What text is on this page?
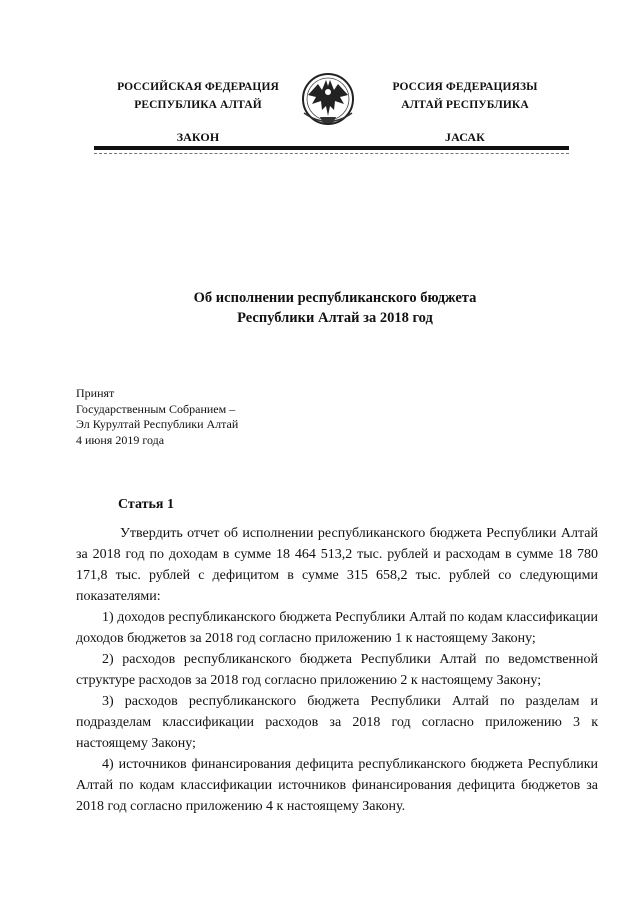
РОССИЙСКАЯ ФЕДЕРАЦИЯ
РЕСПУБЛИКА АЛТАЙ
ЗАКОН
РОССИЯ ФЕДЕРАЦИЯЗЫ
АЛТАЙ РЕСПУБЛИКА
JАСАК
Об исполнении республиканского бюджета
Республики Алтай за 2018 год
Принят
Государственным Собранием –
Эл Курултай Республики Алтай
4 июня 2019 года
Статья 1

Утвердить отчет об исполнении республиканского бюджета Республики Алтай за 2018 год по доходам в сумме 18 464 513,2 тыс. рублей и расходам в сумме 18 780 171,8 тыс. рублей с дефицитом в сумме 315 658,2 тыс. рублей со следующими показателями:

1) доходов республиканского бюджета Республики Алтай по кодам классификации доходов бюджетов за 2018 год согласно приложению 1 к настоящему Закону;

2) расходов республиканского бюджета Республики Алтай по ведомственной структуре расходов за 2018 год согласно приложению 2 к настоящему Закону;

3) расходов республиканского бюджета Республики Алтай по разделам и подразделам классификации расходов за 2018 год согласно приложению 3 к настоящему Закону;

4) источников финансирования дефицита республиканского бюджета Республики Алтай по кодам классификации источников финансирования дефицита бюджетов за 2018 год согласно приложению 4 к настоящему Закону.
